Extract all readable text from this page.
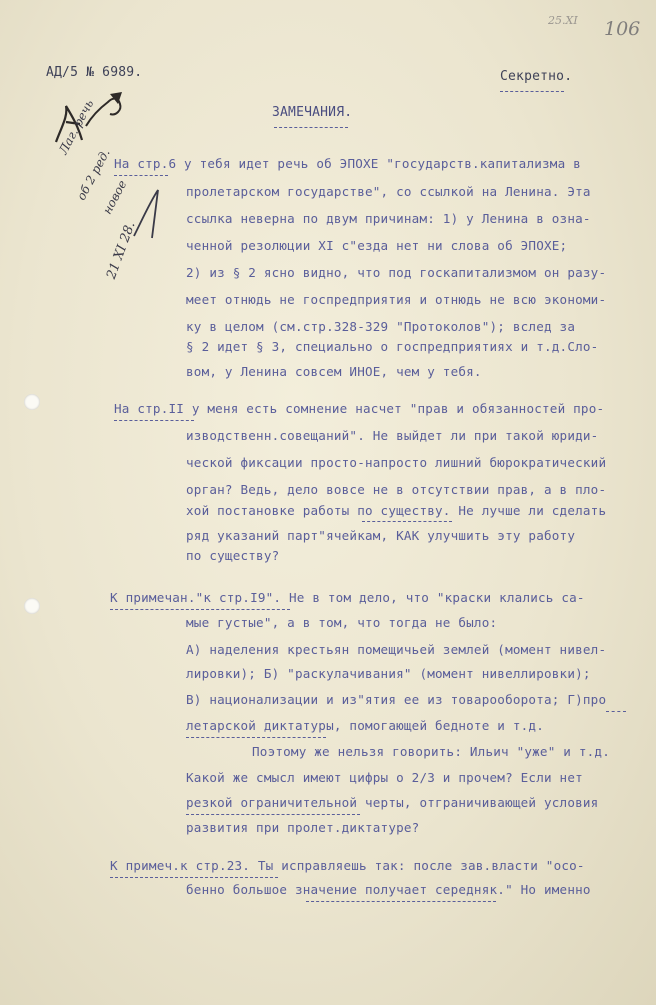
25.XI 106
АД/5 № 6989.	Секретно.
ЗАМЕЧАНИЯ.
Лаг. речь
об 2 ред.
новое
21 XI 28.
На стр.6 у тебя идет речь об ЭПОХЕ "государств.капитализма в
пролетарском государстве", со ссылкой на Ленина. Эта
ссылка неверна по двум причинам: 1) у Ленина в озна-
ченной резолюции XI с"езда нет ни слова об ЭПОХЕ;
2) из § 2 ясно видно, что под госкапитализмом он разу-
меет отнюдь не госпредприятия и отнюдь не всю экономи-
ку в целом (см.стр.328-329 "Протоколов"); вслед за
§ 2 идет § 3, специально о госпредприятиях и т.д.Сло-
вом, у Ленина совсем ИНОЕ, чем у тебя.
На стр.II у меня есть сомнение насчет "прав и обязанностей про-
изводственн.совещаний". Не выйдет ли при такой юриди-
ческой фиксации просто-напросто лишний бюрократический
орган? Ведь, дело вовсе не в отсутствии прав, а в пло-
хой постановке работы по существу. Не лучше ли сделать
ряд указаний парт"ячейкам, КАК улучшить эту работу
по существу?
К примечан."к стр.I9". Не в том дело, что "краски клались са-
мые густые", а в том, что тогда не было:
А) наделения крестьян помещичьей землей (момент нивел-
лировки); Б) "раскулачивания" (момент нивеллировки);
В) национализации и из"ятия ее из товарооборота; Г)про
летарской диктатуры, помогающей бедноте и т.д.
Поэтому же нельзя говорить: Ильич "уже" и т.д.
Какой же смысл имеют цифры о 2/3 и прочем? Если нет
резкой ограничительной черты, отграничивающей условия
развития при пролет.диктатуре?
К примеч.к стр.23. Ты исправляешь так: после зав.власти "осо-
бенно большое значение получает середняк." Но именно
